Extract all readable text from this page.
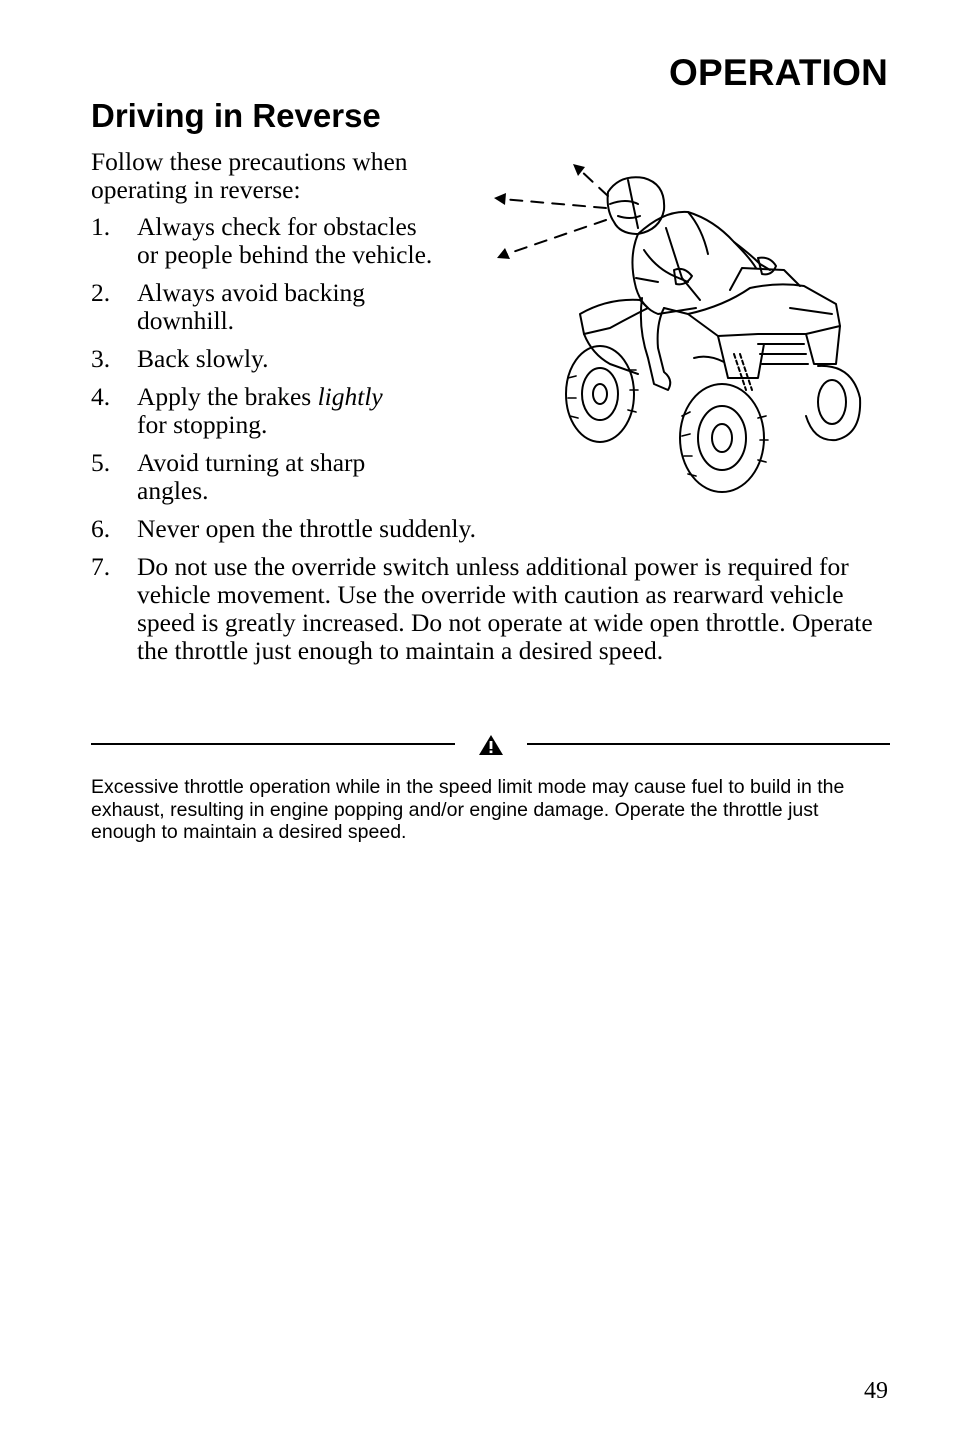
OPERATION
Driving in Reverse
Follow these precautions when operating in reverse:
1. Always check for obstacles or people behind the vehicle.
2. Always avoid backing downhill.
3. Back slowly.
4. Apply the brakes lightly for stopping.
5. Avoid turning at sharp angles.
6. Never open the throttle suddenly.
7. Do not use the override switch unless additional power is required for vehicle movement. Use the override with caution as rearward vehicle speed is greatly increased. Do not operate at wide open throttle. Operate the throttle just enough to maintain a desired speed.
Excessive throttle operation while in the speed limit mode may cause fuel to build in the exhaust, resulting in engine popping and/or engine damage. Operate the throttle just enough to maintain a desired speed.
49
